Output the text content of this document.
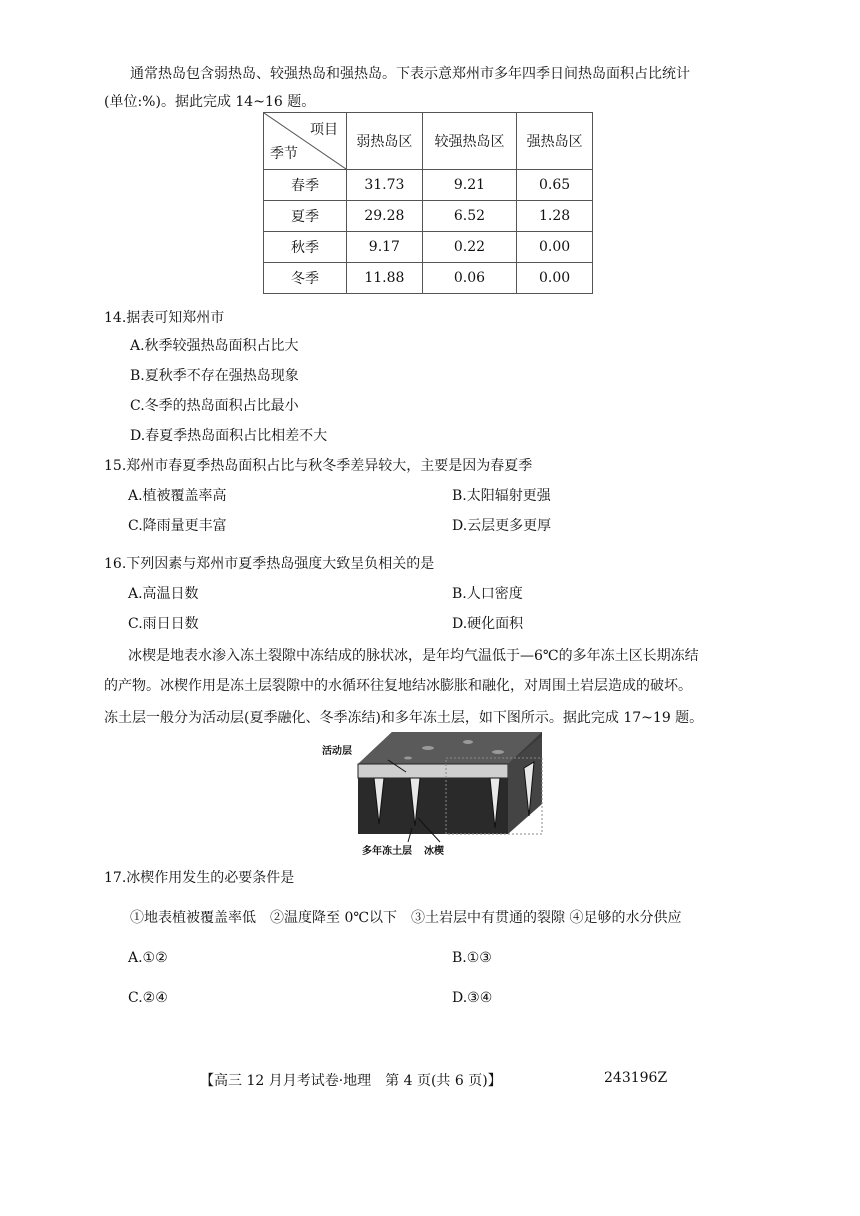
通常热岛包含弱热岛、较强热岛和强热岛。下表示意郑州市多年四季日间热岛面积占比统计
(单位:%)。据此完成 14~16 题。
项目
季节	弱热岛区	较强热岛区	强热岛区
春季	31.73	9.21	0.65
夏季	29.28	6.52	1.28
秋季	9.17	0.22	0.00
冬季	11.88	0.06	0.00
14.据表可知郑州市
A.秋季较强热岛面积占比大
B.夏秋季不存在强热岛现象
C.冬季的热岛面积占比最小
D.春夏季热岛面积占比相差不大
15.郑州市春夏季热岛面积占比与秋冬季差异较大，主要是因为春夏季
A.植被覆盖率高	B.太阳辐射更强
C.降雨量更丰富	D.云层更多更厚
16.下列因素与郑州市夏季热岛强度大致呈负相关的是
A.高温日数	B.人口密度
C.雨日日数	D.硬化面积
冰楔是地表水渗入冻土裂隙中冻结成的脉状冰，是年均气温低于—6℃的多年冻土区长期冻结
的产物。冰楔作用是冻土层裂隙中的水循环往复地结冰膨胀和融化，对周围土岩层造成的破坏。
冻土层一般分为活动层(夏季融化、冬季冻结)和多年冻土层，如下图所示。据此完成 17~19 题。
活动层
多年冻土层 冰楔
17.冰楔作用发生的必要条件是
①地表植被覆盖率低　②温度降至 0℃以下　③土岩层中有贯通的裂隙 ④足够的水分供应
A.①②	B.①③
C.②④	D.③④
【高三 12 月月考试卷·地理　第 4 页(共 6 页)】	243196Z
